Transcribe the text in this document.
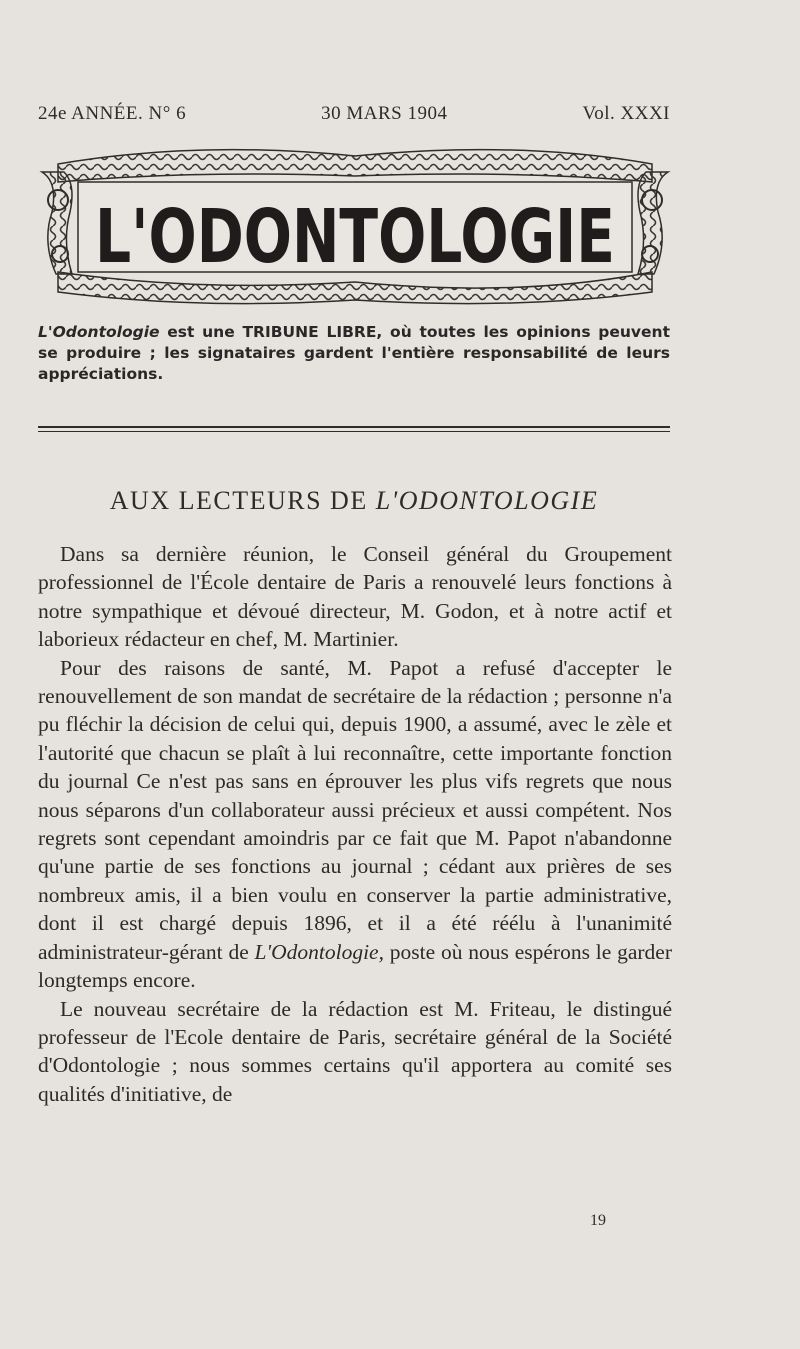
24e ANNÉE. N° 6	30 MARS 1904	Vol. XXXI
L'ODONTOLOGIE
L'Odontologie est une TRIBUNE LIBRE, où toutes les opinions peuvent se produire ; les signataires gardent l'entière responsabilité de leurs appréciations.
AUX LECTEURS DE L'ODONTOLOGIE

Dans sa dernière réunion, le Conseil général du Groupement professionnel de l'École dentaire de Paris a renouvelé leurs fonctions à notre sympathique et dévoué directeur, M. Godon, et à notre actif et laborieux rédacteur en chef, M. Martinier.

Pour des raisons de santé, M. Papot a refusé d'accepter le renouvellement de son mandat de secrétaire de la rédaction ; personne n'a pu fléchir la décision de celui qui, depuis 1900, a assumé, avec le zèle et l'autorité que chacun se plaît à lui reconnaître, cette importante fonction du journal Ce n'est pas sans en éprouver les plus vifs regrets que nous nous séparons d'un collaborateur aussi précieux et aussi compétent. Nos regrets sont cependant amoindris par ce fait que M. Papot n'abandonne qu'une partie de ses fonctions au journal ; cédant aux prières de ses nombreux amis, il a bien voulu en conserver la partie administrative, dont il est chargé depuis 1896, et il a été réélu à l'unanimité administrateur-gérant de L'Odontologie, poste où nous espérons le garder longtemps encore.

Le nouveau secrétaire de la rédaction est M. Friteau, le distingué professeur de l'Ecole dentaire de Paris, secrétaire général de la Société d'Odontologie ; nous sommes certains qu'il apportera au comité ses qualités d'initiative, de

19
